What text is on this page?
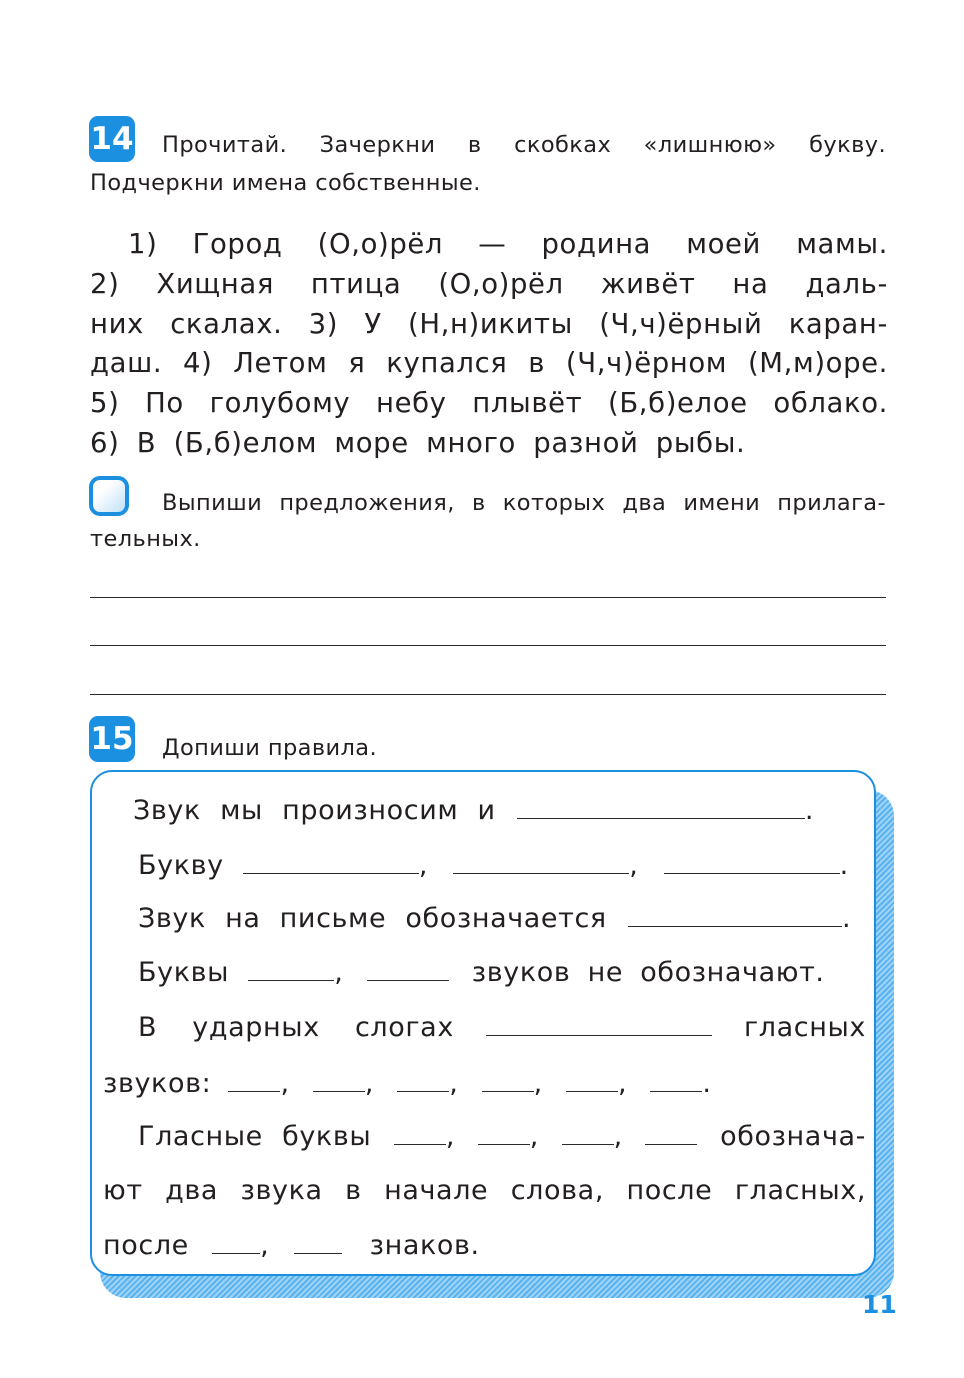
14 Прочитай. Зачеркни в скобках «лишнюю» букву.
Подчеркни имена собственные.
1) Город (О,о)рёл — родина моей мамы.
2) Хищная птица (О,о)рёл живёт на даль-
них скалах. 3) У (Н,н)икиты (Ч,ч)ёрный каран-
даш. 4) Летом я купался в (Ч,ч)ёрном (М,м)оре.
5) По голубому небу плывёт (Б,б)елое облако.
6) В (Б,б)елом море много разной рыбы.
Выпиши предложения, в которых два имени прилага-
тельных.
15 Допиши правила.
Звук мы произносим и	.
Букву	,	,	.
Звук на письме обозначается	.
Буквы	,	звуков не обозначают.
В ударных слогах	гласных
звуков:	,	,	,	,	,	.
Гласные буквы	,	,	,	обознача-
ют два звука в начале слова, после гласных,
после	,	знаков.
11
